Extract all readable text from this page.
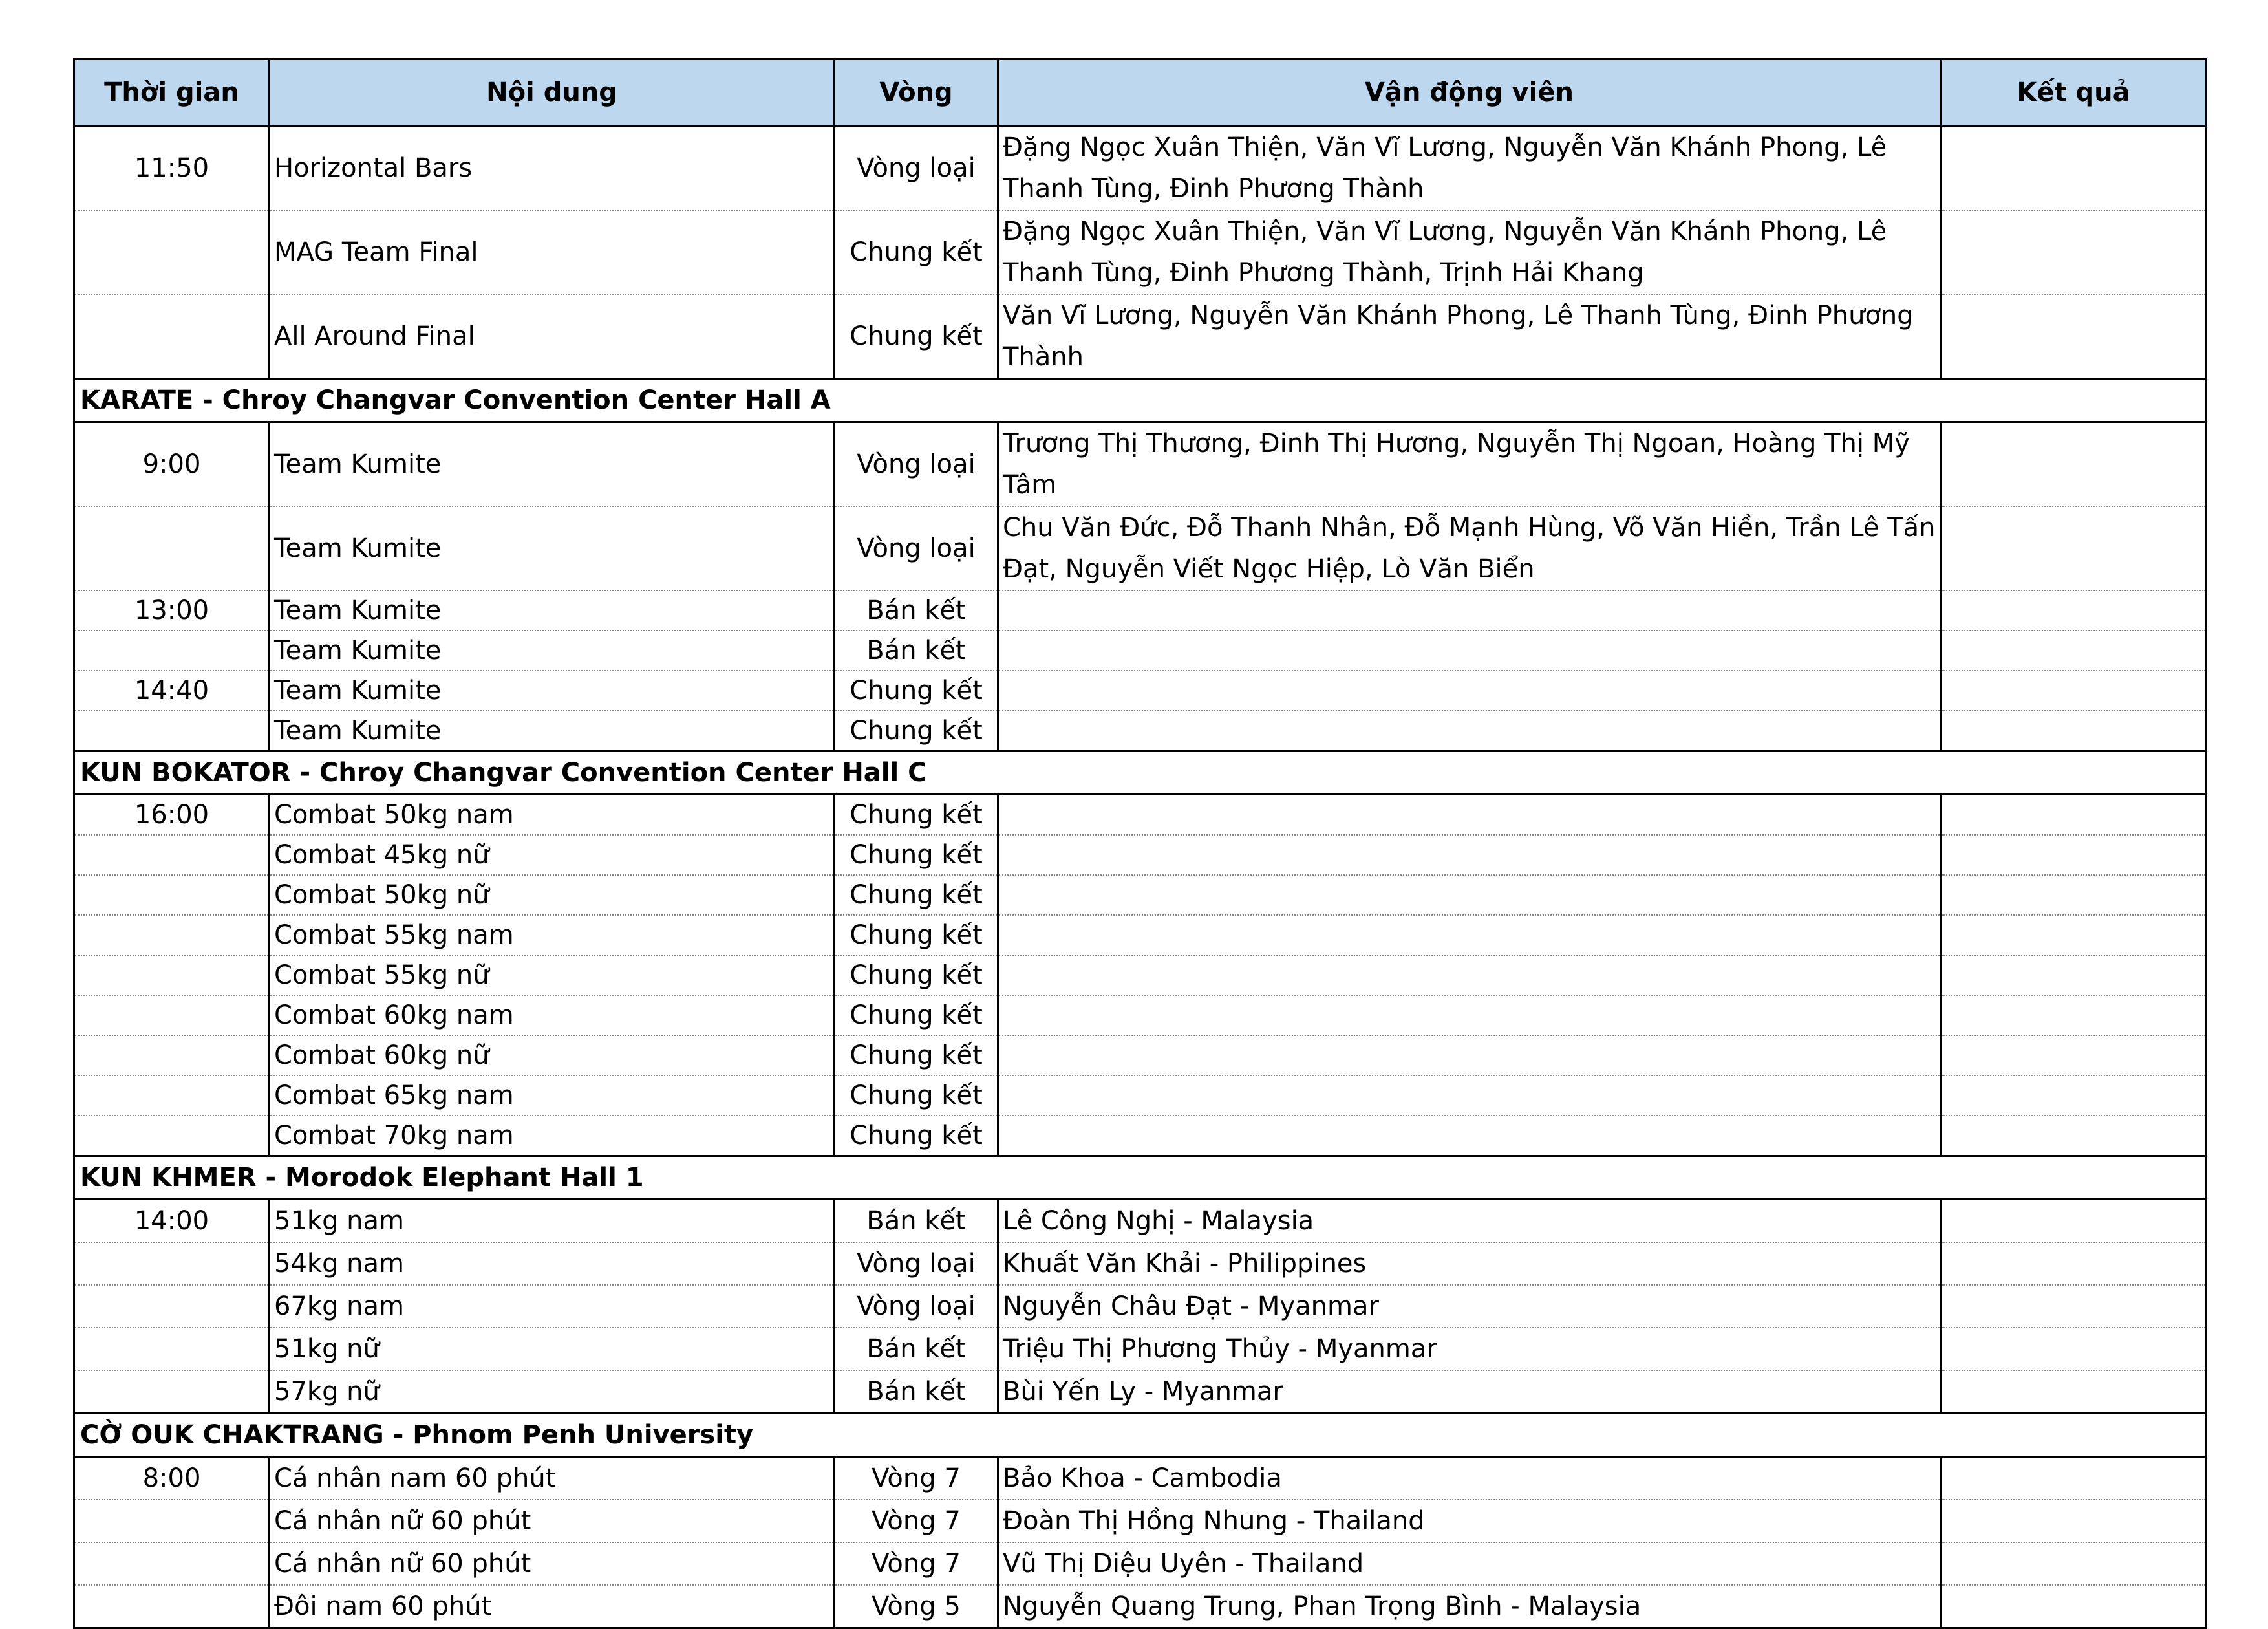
Thời gian	Nội dung	Vòng	Vận động viên	Kết quả
11:50	Horizontal Bars	Vòng loại	Đặng Ngọc Xuân Thiện, Văn Vĩ Lương, Nguyễn Văn Khánh Phong, Lê Thanh Tùng, Đinh Phương Thành	
	MAG Team Final	Chung kết	Đặng Ngọc Xuân Thiện, Văn Vĩ Lương, Nguyễn Văn Khánh Phong, Lê Thanh Tùng, Đinh Phương Thành, Trịnh Hải Khang	
	All Around Final	Chung kết	Văn Vĩ Lương, Nguyễn Văn Khánh Phong, Lê Thanh Tùng, Đinh Phương Thành	
KARATE - Chroy Changvar Convention Center Hall A				
9:00	Team Kumite	Vòng loại	Trương Thị Thương, Đinh Thị Hương, Nguyễn Thị Ngoan, Hoàng Thị Mỹ Tâm	
	Team Kumite	Vòng loại	Chu Văn Đức, Đỗ Thanh Nhân, Đỗ Mạnh Hùng, Võ Văn Hiền, Trần Lê Tấn Đạt, Nguyễn Viết Ngọc Hiệp, Lò Văn Biển	
13:00	Team Kumite	Bán kết		
	Team Kumite	Bán kết		
14:40	Team Kumite	Chung kết		
	Team Kumite	Chung kết		
KUN BOKATOR - Chroy Changvar Convention Center Hall C				
16:00	Combat 50kg nam	Chung kết		
	Combat 45kg nữ	Chung kết		
	Combat 50kg nữ	Chung kết		
	Combat 55kg nam	Chung kết		
	Combat 55kg nữ	Chung kết		
	Combat 60kg nam	Chung kết		
	Combat 60kg nữ	Chung kết		
	Combat 65kg nam	Chung kết		
	Combat 70kg nam	Chung kết		
KUN KHMER - Morodok Elephant Hall 1				
14:00	51kg nam	Bán kết	Lê Công Nghị - Malaysia	
	54kg nam	Vòng loại	Khuất Văn Khải - Philippines	
	67kg nam	Vòng loại	Nguyễn Châu Đạt - Myanmar	
	51kg nữ	Bán kết	Triệu Thị Phương Thủy - Myanmar	
	57kg nữ	Bán kết	Bùi Yến Ly - Myanmar	
CỜ OUK CHAKTRANG - Phnom Penh University				
8:00	Cá nhân nam 60 phút	Vòng 7	Bảo Khoa - Cambodia	
	Cá nhân nữ 60 phút	Vòng 7	Đoàn Thị Hồng Nhung - Thailand	
	Cá nhân nữ 60 phút	Vòng 7	Vũ Thị Diệu Uyên - Thailand	
	Đôi nam 60 phút	Vòng 5	Nguyễn Quang Trung, Phan Trọng Bình - Malaysia	
